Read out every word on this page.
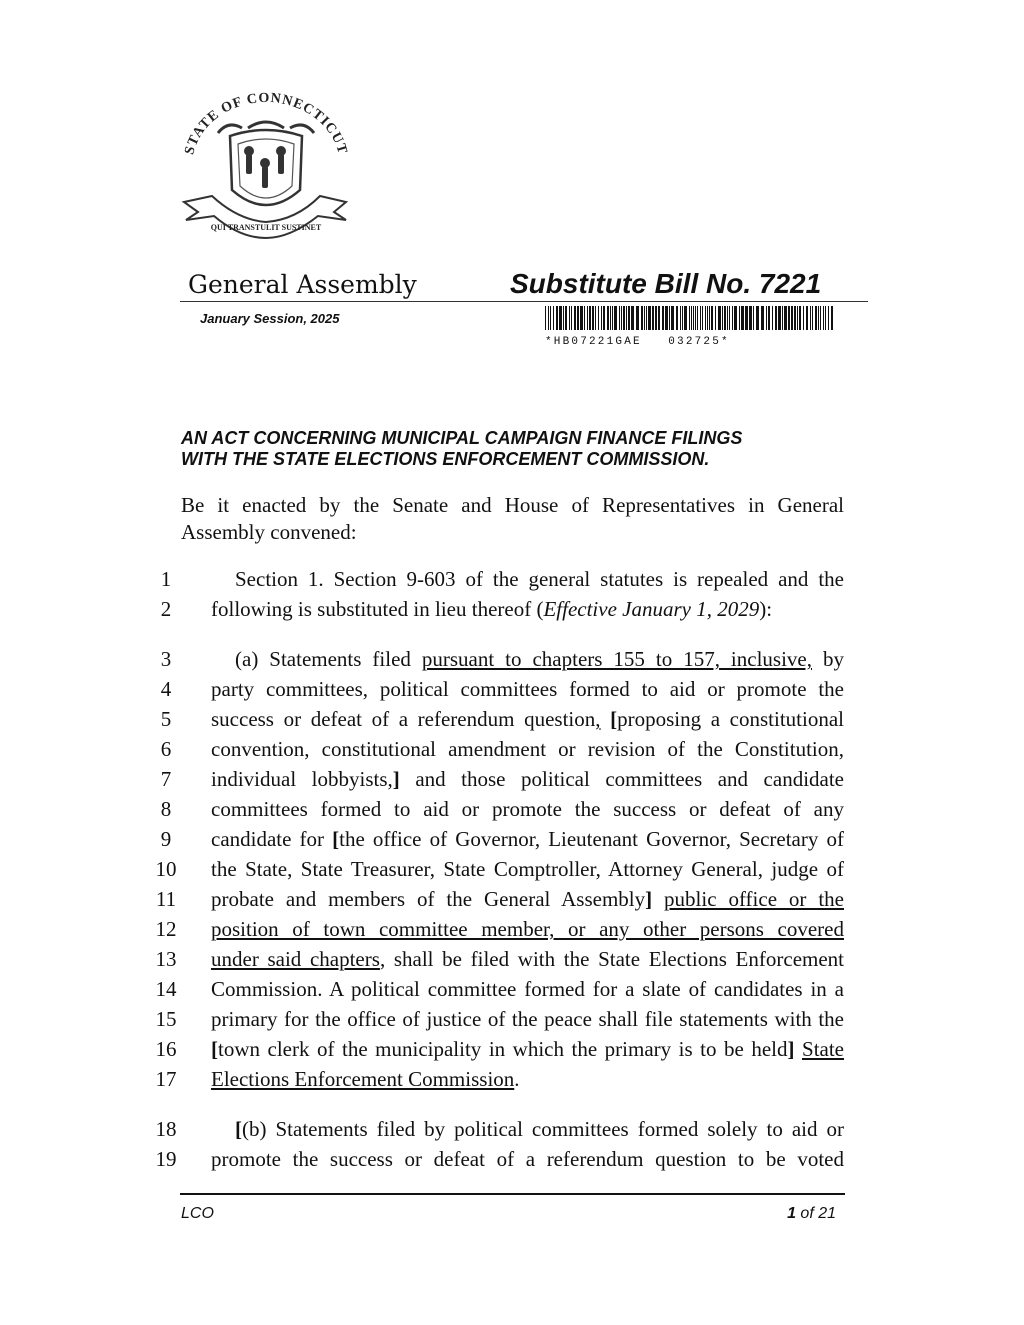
STATE OF CONNECTICUT
QUI TRANSTULIT SUSTINET
General Assembly	Substitute Bill No. 7221
January Session, 2025
*HB07221GAE   032725*
AN ACT CONCERNING MUNICIPAL CAMPAIGN FINANCE FILINGS
WITH THE STATE ELECTIONS ENFORCEMENT COMMISSION.
Be it enacted by the Senate and House of Representatives in General Assembly convened:
1
2
3
4
5
6
7
8
9
10
11
12
13
14
15
16
17
18
19
Section 1. Section 9-603 of the general statutes is repealed and the
following is substituted in lieu thereof (Effective January 1, 2029):
(a) Statements filed pursuant to chapters 155 to 157, inclusive, by
party committees, political committees formed to aid or promote the
success or defeat of a referendum question, [proposing a constitutional
convention, constitutional amendment or revision of the Constitution,
individual lobbyists,] and those political committees and candidate
committees formed to aid or promote the success or defeat of any
candidate for [the office of Governor, Lieutenant Governor, Secretary of
the State, State Treasurer, State Comptroller, Attorney General, judge of
probate and members of the General Assembly] public office or the
position of town committee member, or any other persons covered
under said chapters, shall be filed with the State Elections Enforcement
Commission. A political committee formed for a slate of candidates in a
primary for the office of justice of the peace shall file statements with the
[town clerk of the municipality in which the primary is to be held] State
Elections Enforcement Commission.
[(b) Statements filed by political committees formed solely to aid or
promote the success or defeat of a referendum question to be voted
LCO	1 of 21
